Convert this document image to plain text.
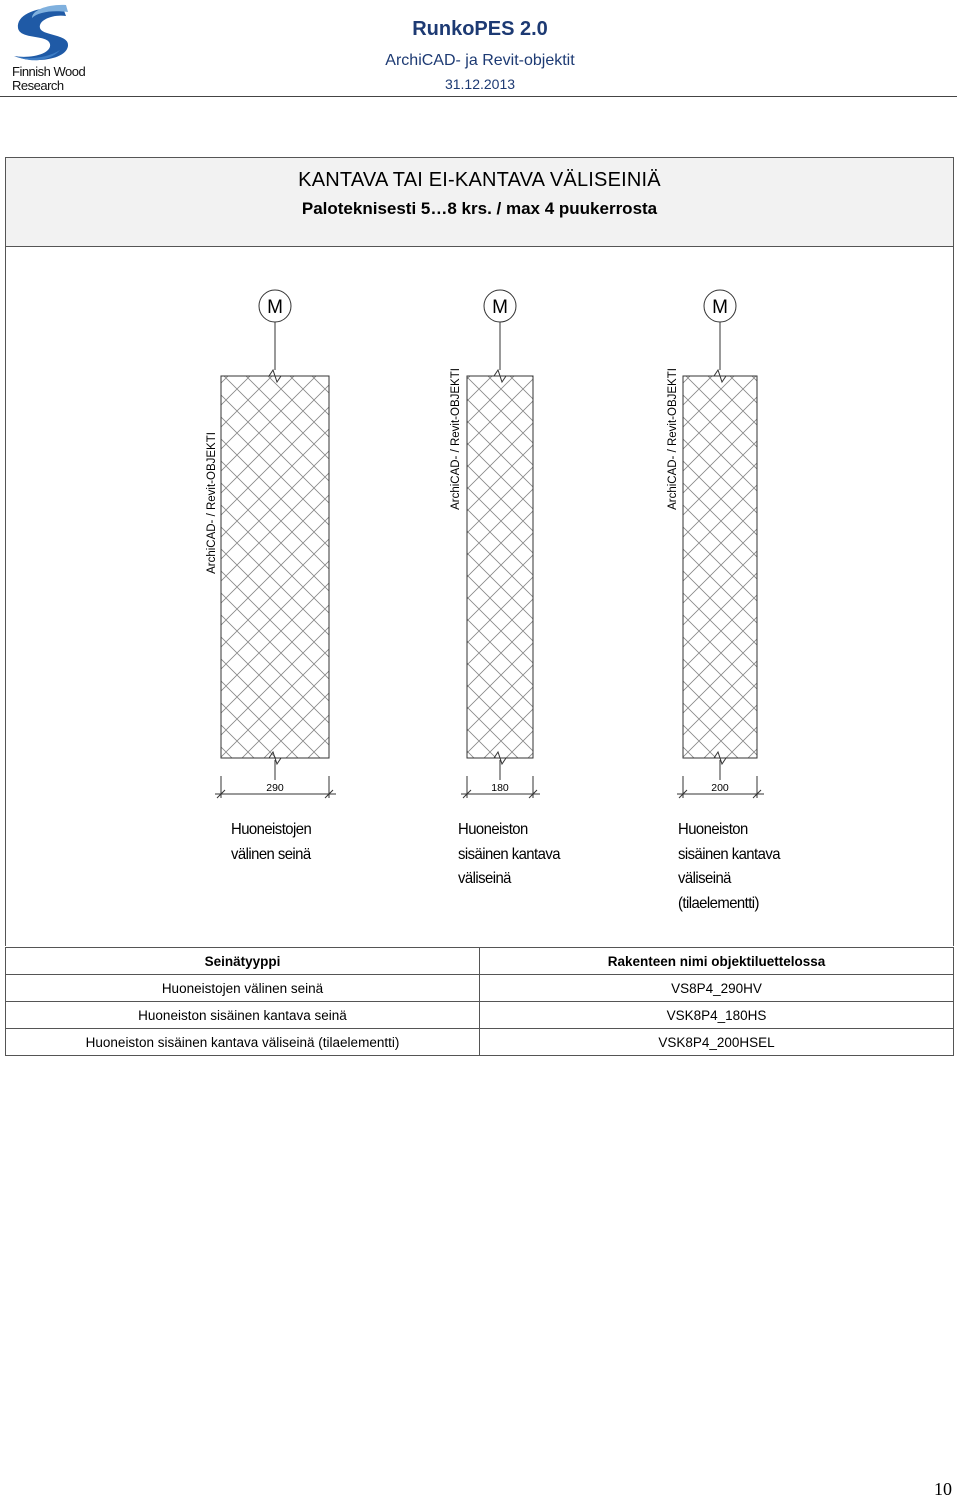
Finnish Wood
Research
RunkoPES 2.0
ArchiCAD- ja Revit-objektit
31.12.2013
KANTAVA TAI EI-KANTAVA VÄLISEINIÄ
Paloteknisesti 5…8 krs. / max 4 puukerrosta
M
ArchiCAD- / Revit-OBJEKTI
290
M
ArchiCAD- / Revit-OBJEKTI
180
M
ArchiCAD- / Revit-OBJEKTI
200
Huoneistojen
välinen seinä
Huoneiston
sisäinen kantava
väliseinä
Huoneiston
sisäinen kantava
väliseinä
(tilaelementti)
Seinätyyppi	Rakenteen nimi objektiluettelossa
Huoneistojen välinen seinä	VS8P4_290HV
Huoneiston sisäinen kantava seinä	VSK8P4_180HS
Huoneiston sisäinen kantava väliseinä (tilaelementti)	VSK8P4_200HSEL
10
